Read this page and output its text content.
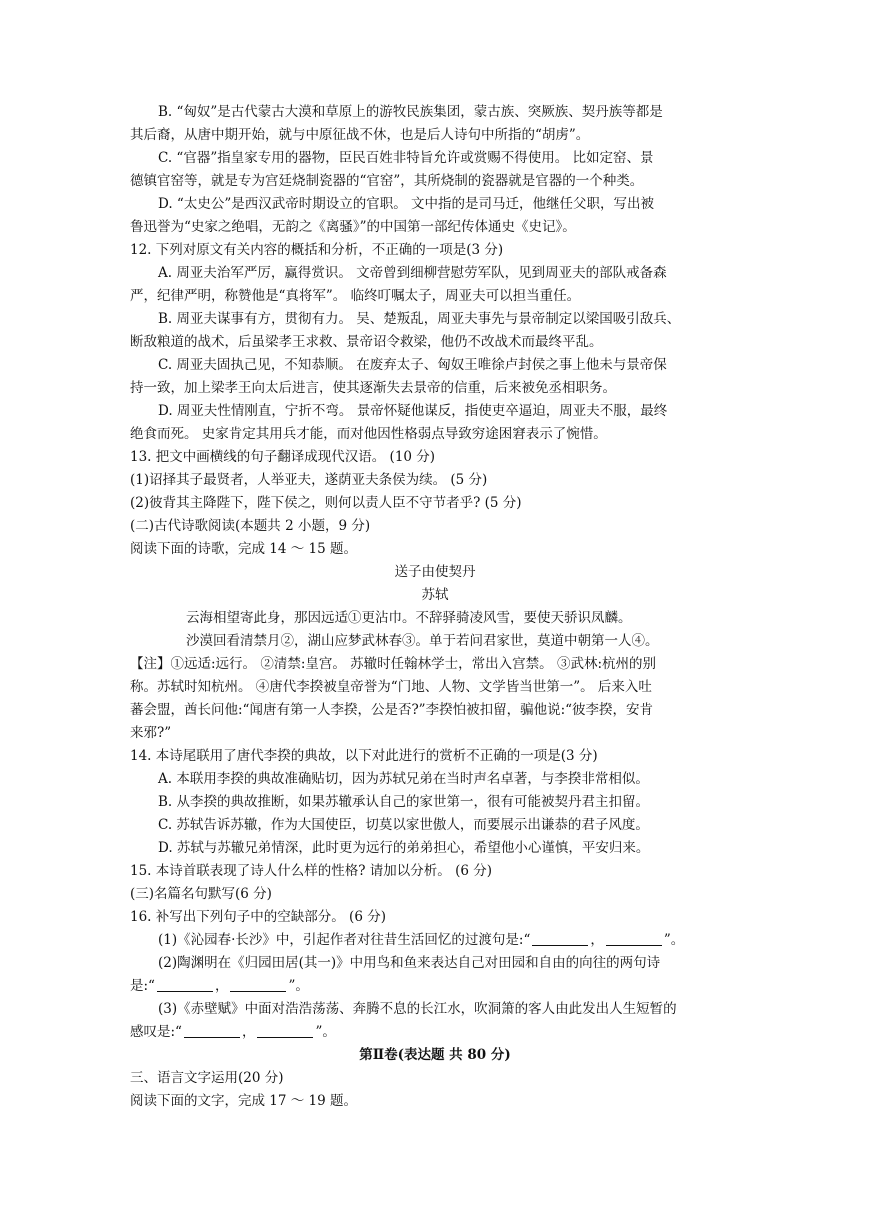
B. “匈奴”是古代蒙古大漠和草原上的游牧民族集团，蒙古族、突厥族、契丹族等都是
其后裔，从唐中期开始，就与中原征战不休，也是后人诗句中所指的“胡虏”。
C. “官器”指皇家专用的器物，臣民百姓非特旨允许或赏赐不得使用。 比如定窑、景
德镇官窑等，就是专为宫廷烧制瓷器的“官窑”，其所烧制的瓷器就是官器的一个种类。
D. “太史公”是西汉武帝时期设立的官职。 文中指的是司马迁，他继任父职，写出被
鲁迅誉为“史家之绝唱，无韵之《离骚》”的中国第一部纪传体通史《史记》。
12. 下列对原文有关内容的概括和分析，不正确的一项是(3 分)
A. 周亚夫治军严厉，赢得赏识。 文帝曾到细柳营慰劳军队，见到周亚夫的部队戒备森
严，纪律严明，称赞他是“真将军”。 临终叮嘱太子，周亚夫可以担当重任。
B. 周亚夫谋事有方，贯彻有力。 吴、楚叛乱，周亚夫事先与景帝制定以梁国吸引敌兵、
断敌粮道的战术，后虽梁孝王求救、景帝诏令救梁，他仍不改战术而最终平乱。
C. 周亚夫固执己见，不知恭顺。 在废弃太子、匈奴王唯徐卢封侯之事上他未与景帝保
持一致，加上梁孝王向太后进言，使其逐渐失去景帝的信重，后来被免丞相职务。
D. 周亚夫性情刚直，宁折不弯。 景帝怀疑他谋反，指使吏卒逼迫，周亚夫不服，最终
绝食而死。 史家肯定其用兵才能，而对他因性格弱点导致穷途困窘表示了惋惜。
13. 把文中画横线的句子翻译成现代汉语。 (10 分)
(1)诏择其子最贤者，人举亚夫，遂荫亚夫条侯为续。 (5 分)
(2)彼背其主降陛下，陛下侯之，则何以责人臣不守节者乎? (5 分)
(二)古代诗歌阅读(本题共 2 小题，9 分)
阅读下面的诗歌，完成 14 ～ 15 题。
送子由使契丹
苏轼
云海相望寄此身，那因远适①更沾巾。不辞驿骑凌风雪，要使天骄识凤麟。
沙漠回看清禁月②，湖山应梦武林春③。单于若问君家世，莫道中朝第一人④。
【注】①远适:远行。 ②清禁:皇宫。 苏辙时任翰林学士，常出入宫禁。 ③武林:杭州的别
称。苏轼时知杭州。 ④唐代李揆被皇帝誉为“门地、人物、文学皆当世第一”。 后来入吐
蕃会盟，酋长问他:“闻唐有第一人李揆，公是否?”李揆怕被扣留，骗他说:“彼李揆，安肯
来邪?”
14. 本诗尾联用了唐代李揆的典故，以下对此进行的赏析不正确的一项是(3 分)
A. 本联用李揆的典故准确贴切，因为苏轼兄弟在当时声名卓著，与李揆非常相似。
B. 从李揆的典故推断，如果苏辙承认自己的家世第一，很有可能被契丹君主扣留。
C. 苏轼告诉苏辙，作为大国使臣，切莫以家世傲人，而要展示出谦恭的君子风度。
D. 苏轼与苏辙兄弟情深，此时更为远行的弟弟担心，希望他小心谨慎，平安归来。
15. 本诗首联表现了诗人什么样的性格? 请加以分析。 (6 分)
(三)名篇名句默写(6 分)
16. 补写出下列句子中的空缺部分。 (6 分)
(1)《沁园春·长沙》中，引起作者对往昔生活回忆的过渡句是:“	，	”。
(2)陶渊明在《归园田居(其一)》中用鸟和鱼来表达自己对田园和自由的向往的两句诗
是:“	，	”。
(3)《赤壁赋》中面对浩浩荡荡、奔腾不息的长江水，吹洞箫的客人由此发出人生短暂的
感叹是:“	，	”。
第Ⅱ卷(表达题 共 80 分)
三、语言文字运用(20 分)
阅读下面的文字，完成 17 ～ 19 题。
